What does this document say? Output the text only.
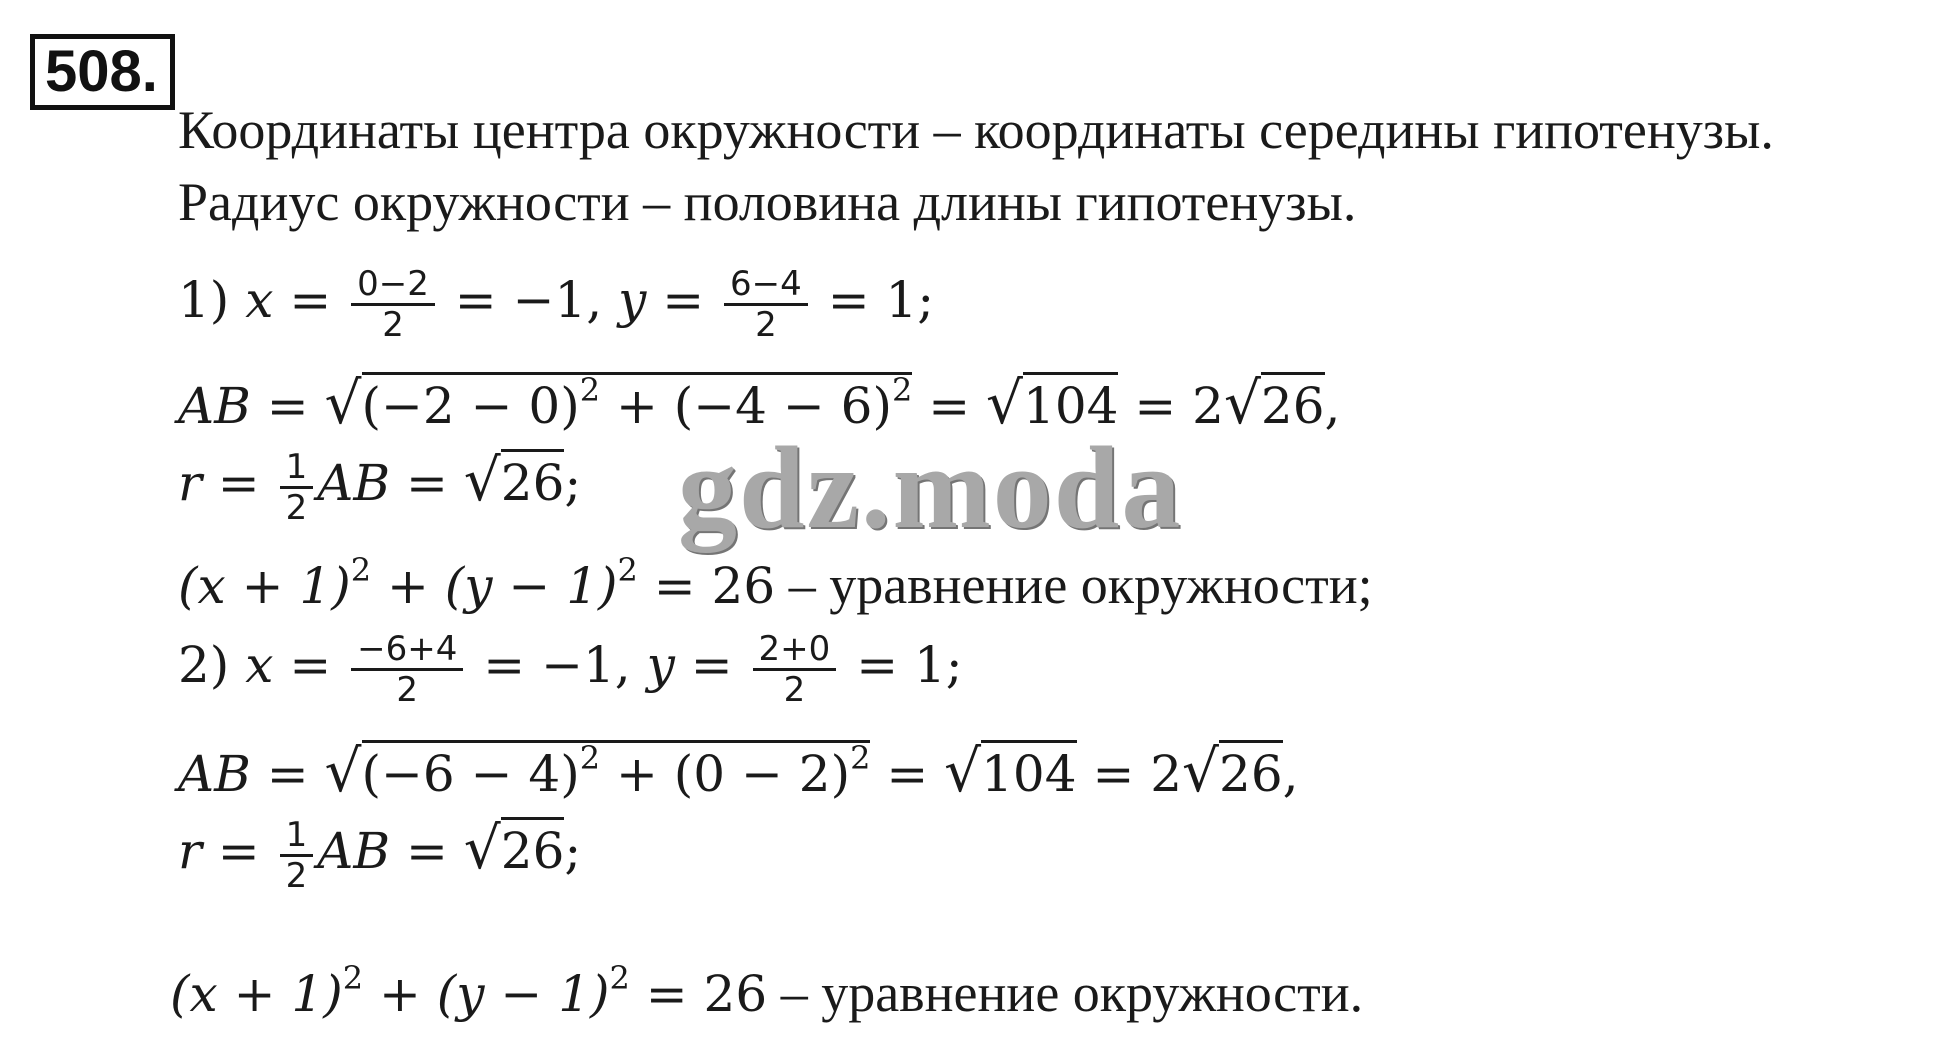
508.
Координаты центра окружности – координаты середины гипотенузы.
Радиус окружности – половина длины гипотенузы.
1) $x = \frac{0-2}{2} = -1$, $y = \frac{6-4}{2} = 1$;
AB = $√(-2 - 0)^2 + (-4 - 6)^2 = √104 = 2√26$,
$r = \frac{1}{2}$ AB = √26;
$(x + 1)^2 + (y - 1)^2 = 26$ – уравнение окружности;
2) $x = \frac{-6+4}{2} = -1$, $y = \frac{2+0}{2} = 1$;
AB = $√(-6 - 4)^2 + (0 - 2)^2 = √104 = 2√26$,
$r = \frac{1}{2}$ AB = √26;
$(x + 1)^2 + (y - 1)^2 = 26$ – уравнение окружности.
gdz.moda
